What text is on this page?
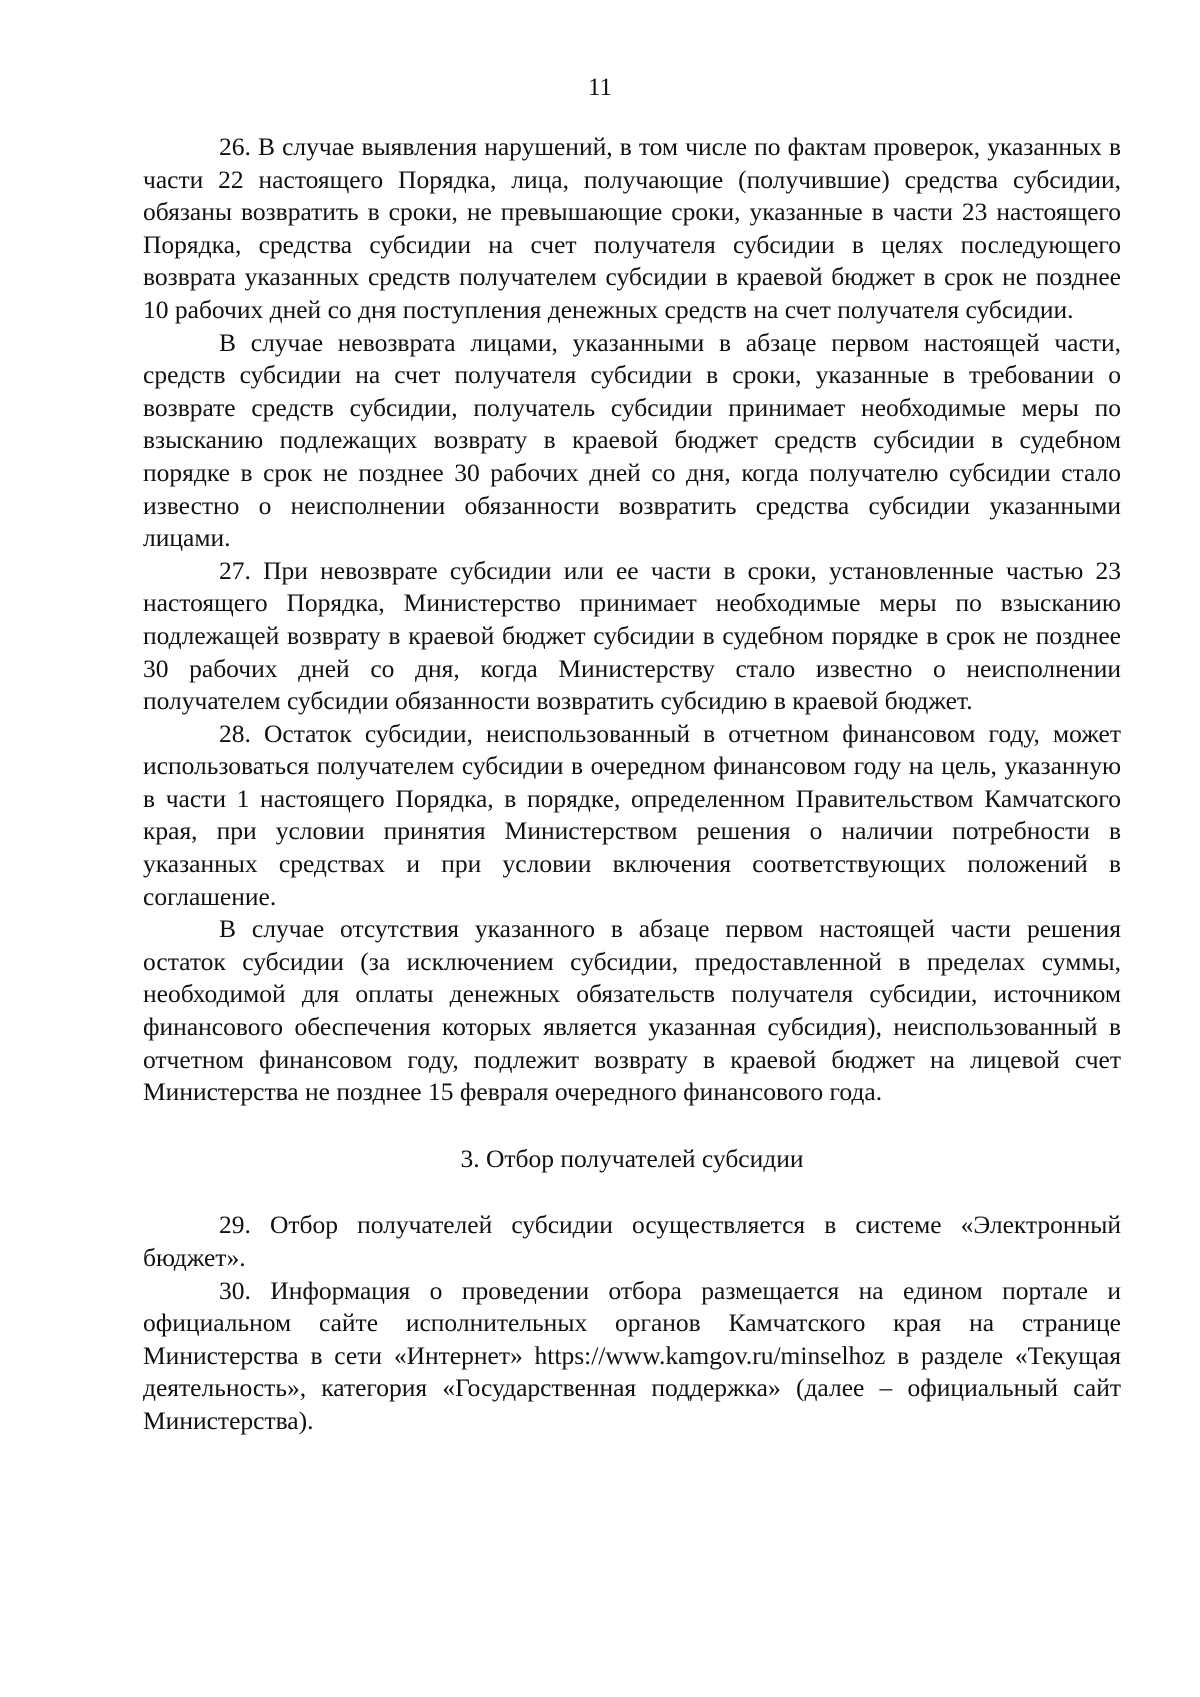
11

26. В случае выявления нарушений, в том числе по фактам проверок, указанных в части 22 настоящего Порядка, лица, получающие (получившие) средства субсидии, обязаны возвратить в сроки, не превышающие сроки, указанные в части 23 настоящего Порядка, средства субсидии на счет получателя субсидии в целях последующего возврата указанных средств получателем субсидии в краевой бюджет в срок не позднее 10 рабочих дней со дня поступления денежных средств на счет получателя субсидии.

В случае невозврата лицами, указанными в абзаце первом настоящей части, средств субсидии на счет получателя субсидии в сроки, указанные в требовании о возврате средств субсидии, получатель субсидии принимает необходимые меры по взысканию подлежащих возврату в краевой бюджет средств субсидии в судебном порядке в срок не позднее 30 рабочих дней со дня, когда получателю субсидии стало известно о неисполнении обязанности возвратить средства субсидии указанными лицами.

27. При невозврате субсидии или ее части в сроки, установленные частью 23 настоящего Порядка, Министерство принимает необходимые меры по взысканию подлежащей возврату в краевой бюджет субсидии в судебном порядке в срок не позднее 30 рабочих дней со дня, когда Министерству стало известно о неисполнении получателем субсидии обязанности возвратить субсидию в краевой бюджет.

28. Остаток субсидии, неиспользованный в отчетном финансовом году, может использоваться получателем субсидии в очередном финансовом году на цель, указанную в части 1 настоящего Порядка, в порядке, определенном Правительством Камчатского края, при условии принятия Министерством решения о наличии потребности в указанных средствах и при условии включения соответствующих положений в соглашение.

В случае отсутствия указанного в абзаце первом настоящей части решения остаток субсидии (за исключением субсидии, предоставленной в пределах суммы, необходимой для оплаты денежных обязательств получателя субсидии, источником финансового обеспечения которых является указанная субсидия), неиспользованный в отчетном финансовом году, подлежит возврату в краевой бюджет на лицевой счет Министерства не позднее 15 февраля очередного финансового года.

3. Отбор получателей субсидии

29. Отбор получателей субсидии осуществляется в системе «Электронный бюджет».

30. Информация о проведении отбора размещается на едином портале и официальном сайте исполнительных органов Камчатского края на странице Министерства в сети «Интернет» https://www.kamgov.ru/minselhoz в разделе «Текущая деятельность», категория «Государственная поддержка» (далее – официальный сайт Министерства).
